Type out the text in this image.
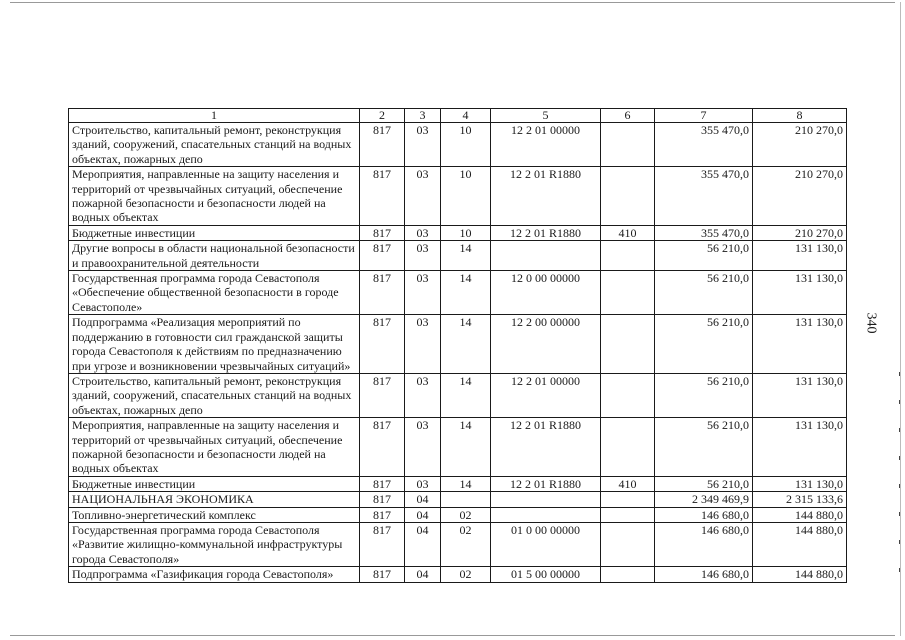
1	2	3	4	5	6	7	8
Строительство, капитальный ремонт, реконструкция зданий, сооружений, спасательных станций на водных объектах, пожарных депо	817	03	10	12 2 01 00000		355 470,0	210 270,0
Мероприятия, направленные на защиту населения и территорий от чрезвычайных ситуаций, обеспечение пожарной безопасности и безопасности людей на водных объектах	817	03	10	12 2 01 R1880		355 470,0	210 270,0
Бюджетные инвестиции	817	03	10	12 2 01 R1880	410	355 470,0	210 270,0
Другие вопросы в области национальной безопасности и правоохранительной деятельности	817	03	14			56 210,0	131 130,0
Государственная программа города Севастополя «Обеспечение общественной безопасности в городе Севастополе»	817	03	14	12 0 00 00000		56 210,0	131 130,0
Подпрограмма «Реализация мероприятий по поддержанию в готовности сил гражданской защиты города Севастополя к действиям по предназначению при угрозе и возникновении чрезвычайных ситуаций»	817	03	14	12 2 00 00000		56 210,0	131 130,0
Строительство, капитальный ремонт, реконструкция зданий, сооружений, спасательных станций на водных объектах, пожарных депо	817	03	14	12 2 01 00000		56 210,0	131 130,0
Мероприятия, направленные на защиту населения и территорий от чрезвычайных ситуаций, обеспечение пожарной безопасности и безопасности людей на водных объектах	817	03	14	12 2 01 R1880		56 210,0	131 130,0
Бюджетные инвестиции	817	03	14	12 2 01 R1880	410	56 210,0	131 130,0
НАЦИОНАЛЬНАЯ ЭКОНОМИКА	817	04				2 349 469,9	2 315 133,6
Топливно-энергетический комплекс	817	04	02			146 680,0	144 880,0
Государственная программа города Севастополя «Развитие жилищно-коммунальной инфраструктуры города Севастополя»	817	04	02	01 0 00 00000		146 680,0	144 880,0
Подпрограмма «Газификация города Севастополя»	817	04	02	01 5 00 00000		146 680,0	144 880,0
340
